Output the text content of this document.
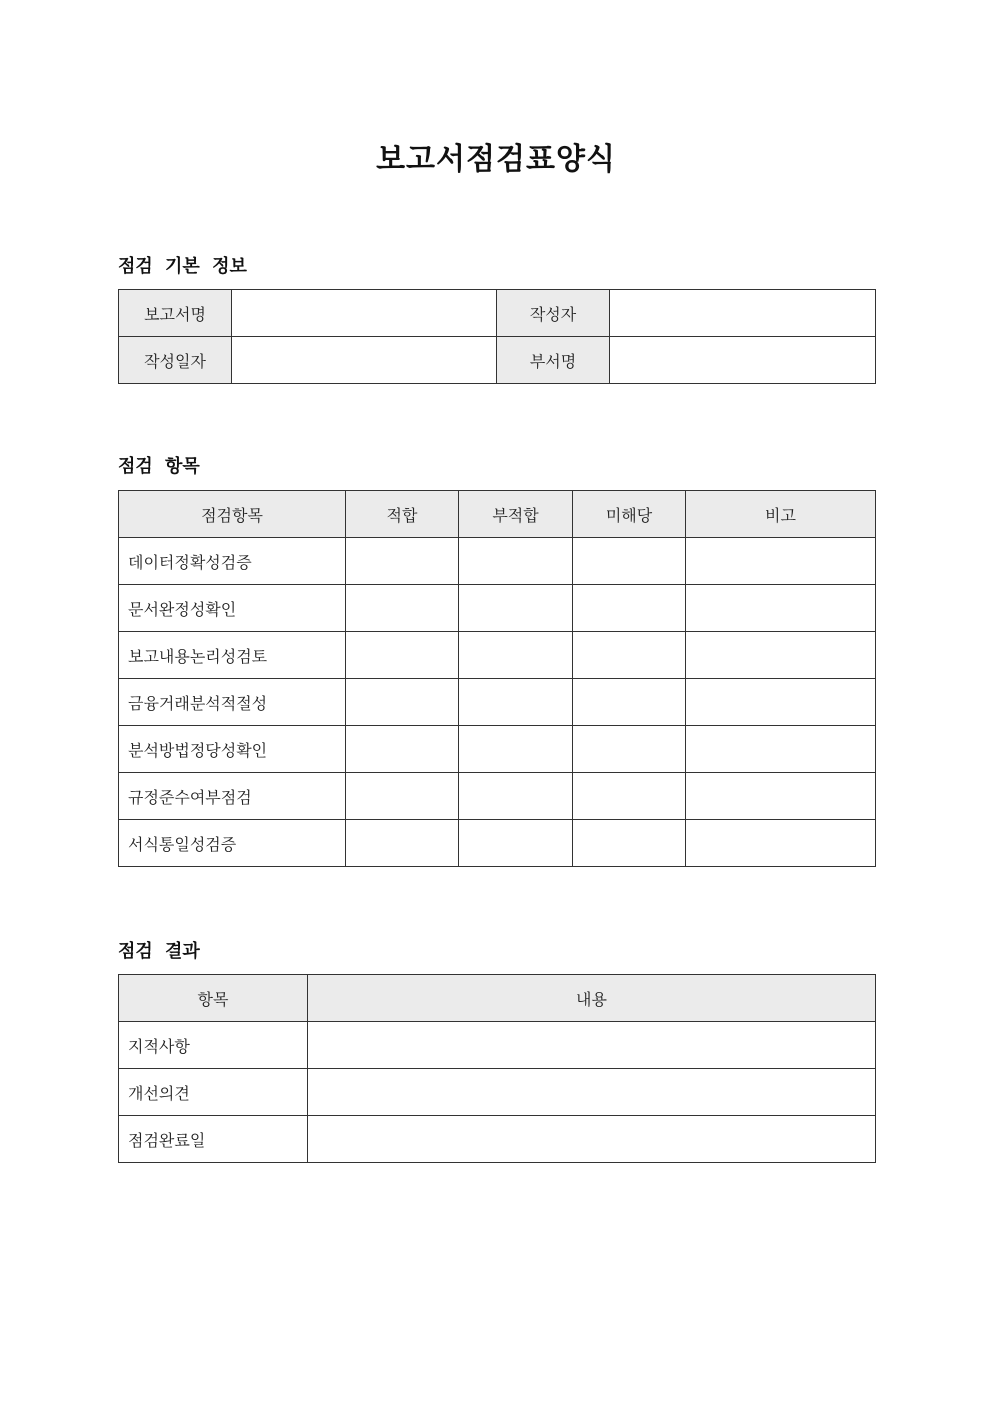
보고서점검표양식
점검 기본 정보
보고서명		작성자	
작성일자		부서명	
점검 항목
점검항목	적합	부적합	미해당	비고
데이터정확성검증				
문서완정성확인				
보고내용논리성검토				
금융거래분석적절성				
분석방법정당성확인				
규정준수여부점검				
서식통일성검증				
점검 결과
항목	내용
지적사항	
개선의견	
점검완료일	
